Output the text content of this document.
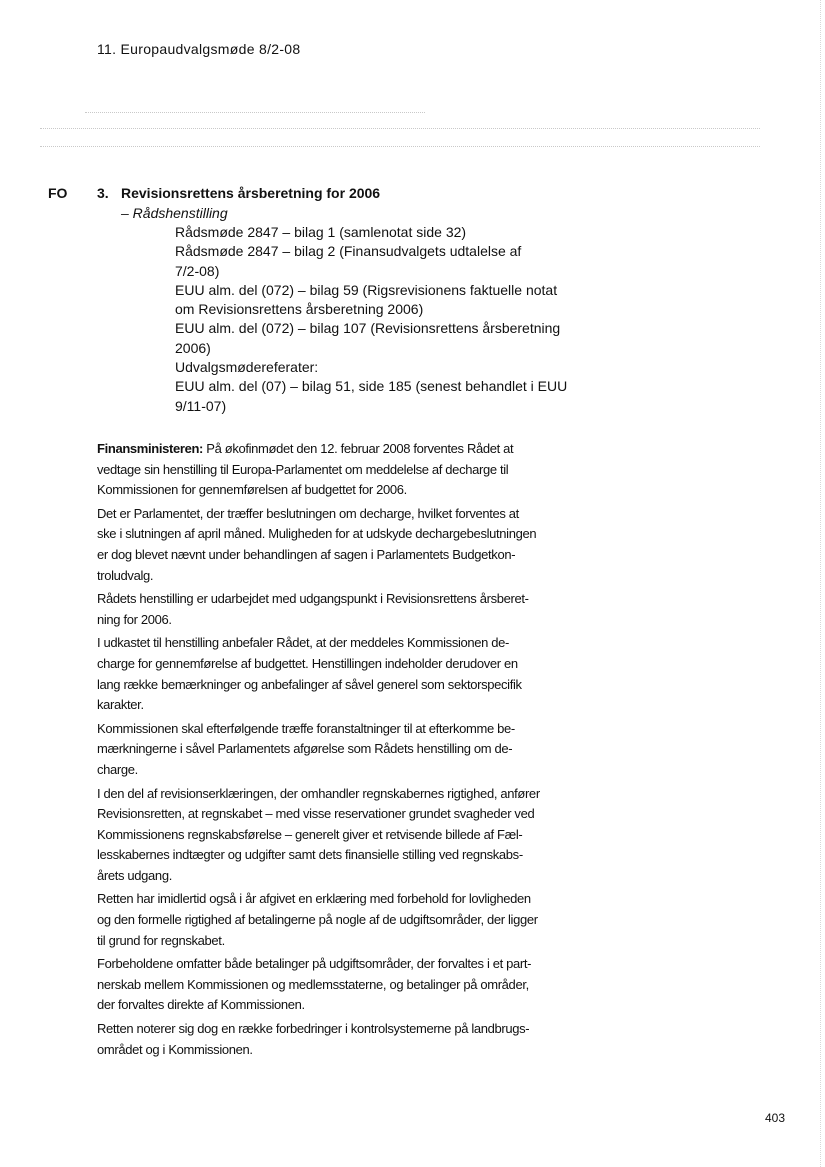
11. Europaudvalgsmøde 8/2-08
FO 3. Revisionsrettens årsberetning for 2006
– Rådshenstilling
Rådsmøde 2847 – bilag 1 (samlenotat side 32)
Rådsmøde 2847 – bilag 2 (Finansudvalgets udtalelse af
7/2-08)
EUU alm. del (072) – bilag 59 (Rigsrevisionens faktuelle notat
om Revisionsrettens årsberetning 2006)
EUU alm. del (072) – bilag 107 (Revisionsrettens årsberetning
2006)
Udvalgsmødereferater:
EUU alm. del (07) – bilag 51, side 185 (senest behandlet i EUU
9/11-07)

Finansministeren: På økofinmødet den 12. februar 2008 forventes Rådet at
vedtage sin henstilling til Europa-Parlamentet om meddelelse af decharge til
Kommissionen for gennemførelsen af budgettet for 2006.

Det er Parlamentet, der træffer beslutningen om decharge, hvilket forventes at
ske i slutningen af april måned. Muligheden for at udskyde dechargebeslutningen
er dog blevet nævnt under behandlingen af sagen i Parlamentets Budgetkon-
troludvalg.

Rådets henstilling er udarbejdet med udgangspunkt i Revisionsrettens årsberet-
ning for 2006.

I udkastet til henstilling anbefaler Rådet, at der meddeles Kommissionen de-
charge for gennemførelse af budgettet. Henstillingen indeholder derudover en
lang række bemærkninger og anbefalinger af såvel generel som sektorspecifik
karakter.

Kommissionen skal efterfølgende træffe foranstaltninger til at efterkomme be-
mærkningerne i såvel Parlamentets afgørelse som Rådets henstilling om de-
charge.

I den del af revisionserklæringen, der omhandler regnskabernes rigtighed, anfører
Revisionsretten, at regnskabet – med visse reservationer grundet svagheder ved
Kommissionens regnskabsførelse – generelt giver et retvisende billede af Fæl-
lesskabernes indtægter og udgifter samt dets finansielle stilling ved regnskabs-
årets udgang.

Retten har imidlertid også i år afgivet en erklæring med forbehold for lovligheden
og den formelle rigtighed af betalingerne på nogle af de udgiftsområder, der ligger
til grund for regnskabet.

Forbeholdene omfatter både betalinger på udgiftsområder, der forvaltes i et part-
nerskab mellem Kommissionen og medlemsstaterne, og betalinger på områder,
der forvaltes direkte af Kommissionen.

Retten noterer sig dog en række forbedringer i kontrolsystemerne på landbrugs-
området og i Kommissionen.

403
